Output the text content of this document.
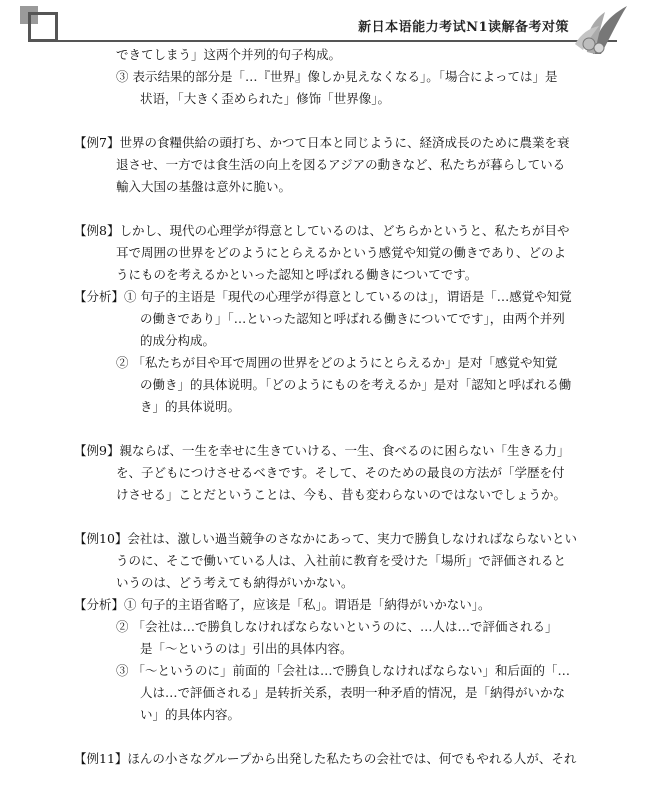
新日本语能力考试N1读解备考对策
できてしまう」这两个并列的句子构成。
③ 表示结果的部分是「…『世界』像しか見えなくなる」。「場合によっては」是
状语，「大きく歪められた」修饰「世界像」。
【例7】世界の食糧供給の頭打ち、かつて日本と同じように、経済成長のために農業を衰
退させ、一方では食生活の向上を図るアジアの動きなど、私たちが暮らしている
輸入大国の基盤は意外に脆い。
【例8】しかし、現代の心理学が得意としているのは、どちらかというと、私たちが目や
耳で周囲の世界をどのようにとらえるかという感覚や知覚の働きであり、どのよ
うにものを考えるかといった認知と呼ばれる働きについてです。
【分析】① 句子的主语是「現代の心理学が得意としているのは」，谓语是「…感覚や知覚
の働きであり」「…といった認知と呼ばれる働きについてです」，由两个并列
的成分构成。
② 「私たちが目や耳で周囲の世界をどのようにとらえるか」是对「感覚や知覚
の働き」的具体说明。「どのようにものを考えるか」是对「認知と呼ばれる働
き」的具体说明。
【例9】親ならば、一生を幸せに生きていける、一生、食べるのに困らない「生きる力」
を、子どもにつけさせるべきです。そして、そのための最良の方法が「学歴を付
けさせる」ことだということは、今も、昔も変わらないのではないでしょうか。
【例10】会社は、激しい過当競争のさなかにあって、実力で勝負しなければならないとい
うのに、そこで働いている人は、入社前に教育を受けた「場所」で評価されると
いうのは、どう考えても納得がいかない。
【分析】① 句子的主语省略了，应该是「私」。谓语是「納得がいかない」。
② 「会社は…で勝負しなければならないというのに、…人は…で評価される」
是「～というのは」引出的具体内容。
③ 「～というのに」前面的「会社は…で勝負しなければならない」和后面的「…
人は…で評価される」是转折关系，表明一种矛盾的情况，是「納得がいかな
い」的具体内容。
【例11】ほんの小さなグループから出発した私たちの会社では、何でもやれる人が、それ
